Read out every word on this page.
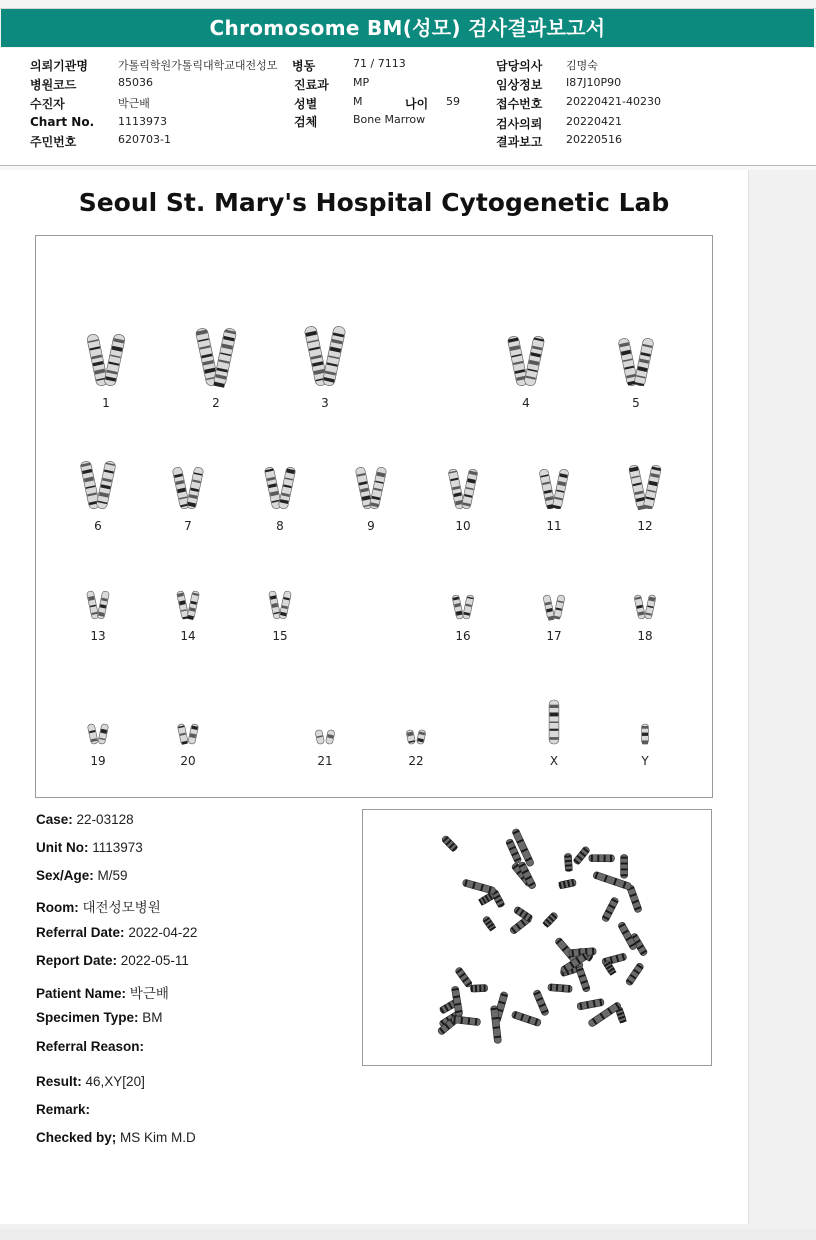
Chromosome BM(성모) 검사결과보고서
의뢰기관명	가톨릭학원가톨릭대학교대전성모 병동	71 / 7113	담당의사 김명숙
병원코드	85036	진료과 MP	임상정보 I87J10P90
수진자	박근배	성별	M	나이 59	접수번호 20220421-40230
Chart No. 1113973	검체	Bone Marrow	검사의뢰 20220421
주민번호	620703-1	결과보고 20220516
Seoul St. Mary's Hospital Cytogenetic Lab
1	2	3	4	5
6	7	8	9	10	11	12
13	14	15	16	17	18
19	20	21	22	X	Y
Case: 22-03128
Unit No: 1113973
Sex/Age: M/59
Room: 대전성모병원
Referral Date: 2022-04-22
Report Date: 2022-05-11
Patient Name: 박근배
Specimen Type: BM
Referral Reason:
Result: 46,XY[20]
Remark:
Checked by; MS Kim M.D
